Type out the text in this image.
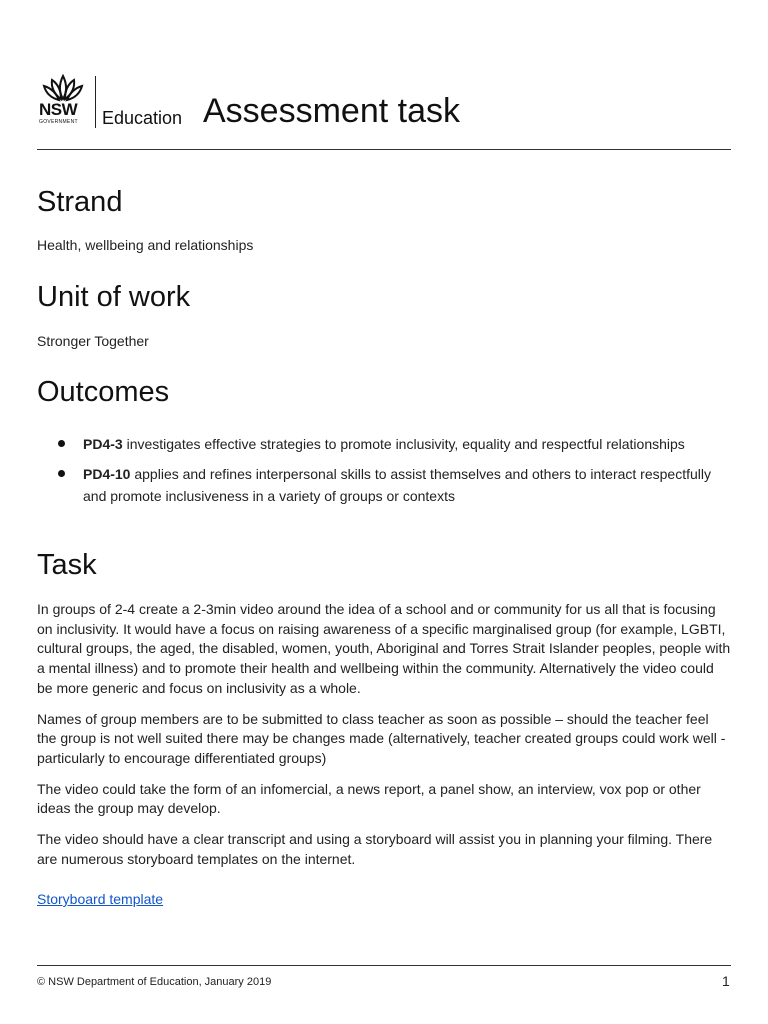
NSW
GOVERNMENT Education Assessment task
Strand
Health, wellbeing and relationships
Unit of work
Stronger Together
Outcomes
PD4-3 investigates effective strategies to promote inclusivity, equality and respectful relationships
PD4-10 applies and refines interpersonal skills to assist themselves and others to interact respectfully and promote inclusiveness in a variety of groups or contexts
Task

In groups of 2-4 create a 2-3min video around the idea of a school and or community for us all that is focusing on inclusivity. It would have a focus on raising awareness of a specific marginalised group (for example, LGBTI, cultural groups, the aged, the disabled, women, youth, Aboriginal and Torres Strait Islander peoples, people with a mental illness) and to promote their health and wellbeing within the community. Alternatively the video could be more generic and focus on inclusivity as a whole.

Names of group members are to be submitted to class teacher as soon as possible – should the teacher feel the group is not well suited there may be changes made (alternatively, teacher created groups could work well - particularly to encourage differentiated groups)

The video could take the form of an infomercial, a news report, a panel show, an interview, vox pop or other ideas the group may develop.

The video should have a clear transcript and using a storyboard will assist you in planning your filming. There are numerous storyboard templates on the internet.

Storyboard template
© NSW Department of Education, January 2019	1
